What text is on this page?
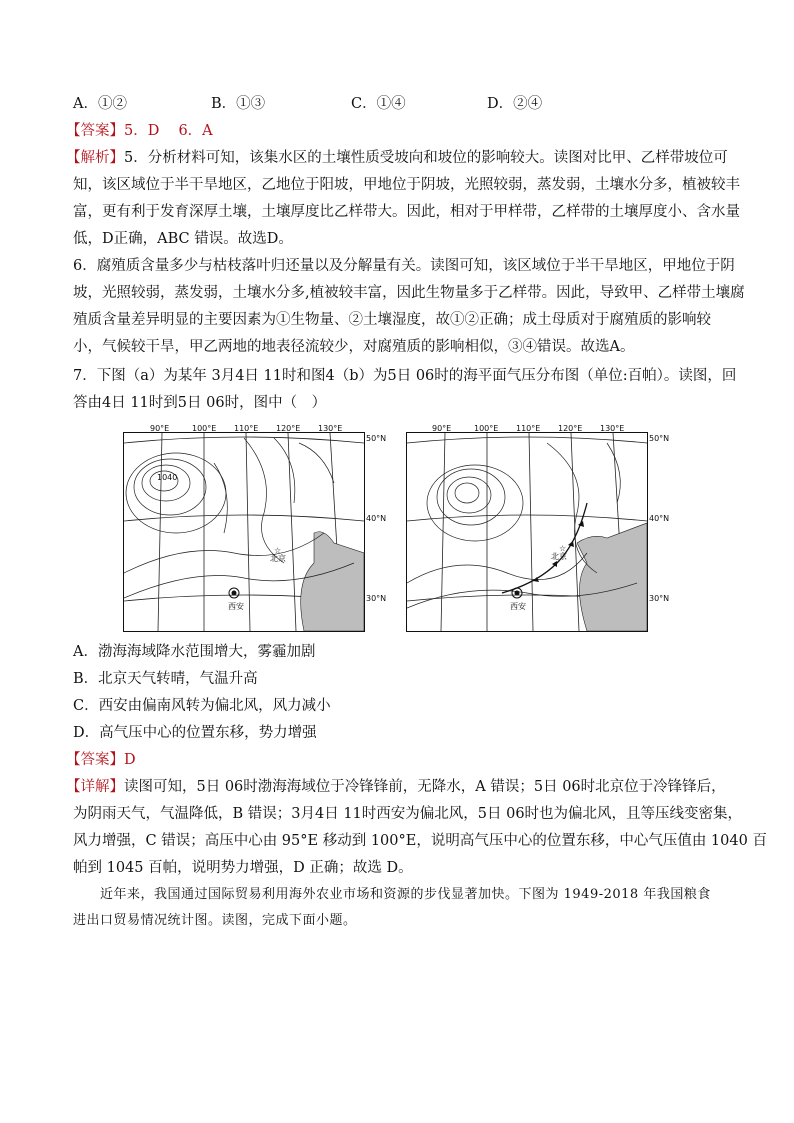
A．①②	B．①③	C．①④	D．②④
【答案】5．D　 6．A
【解析】5．分析材料可知，该集水区的土壤性质受坡向和坡位的影响较大。读图对比甲、乙样带坡位可
知，该区域位于半干旱地区，乙地位于阳坡，甲地位于阴坡，光照较弱，蒸发弱，土壤水分多，植被较丰
富，更有利于发育深厚土壤，土壤厚度比乙样带大。因此，相对于甲样带，乙样带的土壤厚度小、含水量
低，D正确，ABC 错误。故选D。
6．腐殖质含量多少与枯枝落叶归还量以及分解量有关。读图可知，该区域位于半干旱地区，甲地位于阴
坡，光照较弱，蒸发弱，土壤水分多,植被较丰富，因此生物量多于乙样带。因此，导致甲、乙样带土壤腐
殖质含量差异明显的主要因素为①生物量、②土壤湿度，故①②正确；成土母质对于腐殖质的影响较
小，气候较干旱，甲乙两地的地表径流较少，对腐殖质的影响相似，③④错误。故选A。
7．下图（a）为某年 3月4日 11时和图4（b）为5日 06时的海平面气压分布图（单位:百帕）。读图，回
答由4日 11时到5日 06时，图中（　）
☆
北京
西安
1040
☆
北京
西安
90°E	100°E 110°E 120°E 130°E	90°E	100°E 110°E 120°E 130°E
50°N
40°N
30°N
50°N
40°N
30°N
A．渤海海域降水范围增大，雾霾加剧
B．北京天气转晴，气温升高
C．西安由偏南风转为偏北风，风力减小
D．高气压中心的位置东移，势力增强
【答案】D
【详解】读图可知，5日 06时渤海海域位于冷锋锋前，无降水，A 错误；5日 06时北京位于冷锋锋后，
为阴雨天气，气温降低，B 错误；3月4日 11时西安为偏北风，5日 06时也为偏北风，且等压线变密集，
风力增强，C 错误；高压中心由 95°E 移动到 100°E，说明高气压中心的位置东移，中心气压值由 1040 百
帕到 1045 百帕，说明势力增强，D 正确；故选 D。
近年来，我国通过国际贸易利用海外农业市场和资源的步伐显著加快。下图为 1949-2018 年我国粮食
进出口贸易情况统计图。读图，完成下面小题。
